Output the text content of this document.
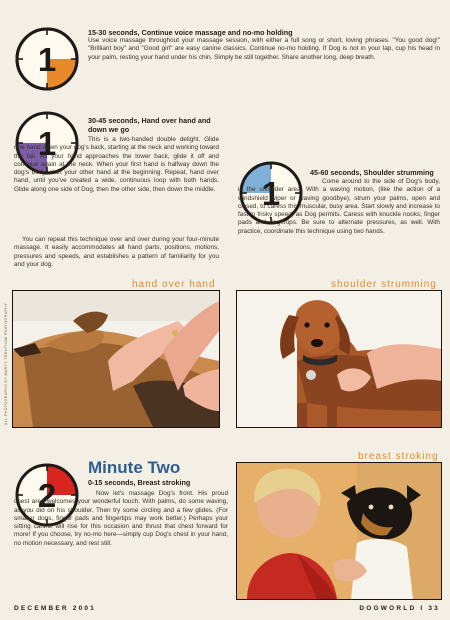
1
15-30 seconds, Continue voice massage and no-mo holding
Use voice massage throughout your massage session, with either a full song or short, loving phrases. "You good dog!" "Brilliant boy" and "Good girl" are easy canine classics. Continue no-mo holding. If Dog is not in your lap, cup his head in your palm, resting your hand under his chin. Simply be still together. Share another long, deep breath.
1
30-45 seconds, Hand over hand and down we go
This is a two-handed double delight. Glide one hand down your dog's back, starting at the neck and working toward the tail. As your hand approaches the lower back, glide it off and continue again at the neck. When your first hand is halfway down the dog's body, start your other hand at the beginning. Repeat, hand over hand, until you've created a wide, continuous loop with both hands. Glide along one side of Dog, then the other side, then down the middle.
You can repeat this technique over and over during your four-minute massage. It easily accommodates all hand parts, positions, motions, pressures and speeds, and establishes a pattern of familiarity for you and your dog.
1
45-60 seconds, Shoulder strumming
Come around to the side of Dog's body, in the shoulder area. With a waving motion, (like the action of a windshield wiper or waving goodbye), strum your palms, open and closed, to caress this muscular, busy area. Start slowly and increase to fast 'n frisky speed, as Dog permits. Caress with knuckle nooks, finger pads and fingertips. Be sure to alternate pressures, as well. With practice, coordinate this technique using two hands.
hand over hand	shoulder strumming
ALL PHOTOGRAPHS BY MARTY TRENTHAM PHOTOGRAPHY
2
Minute Two
0-15 seconds, Breast stroking
Now let's massage Dog's front. His proud chest area welcomes your wonderful touch. With palms, do some waving, as you did on his shoulder. Then try some circling and a few glides. (For smaller dogs, finger pads and fingertips may work better.) Perhaps your sitting canine will rise for this occasion and thrust that chest forward for more! If you choose, try no-mo here—simply cup Dog's chest in your hand, no motion necessary, and rest still.
breast stroking
DECEMBER 2001	DOGWORLD I 33
